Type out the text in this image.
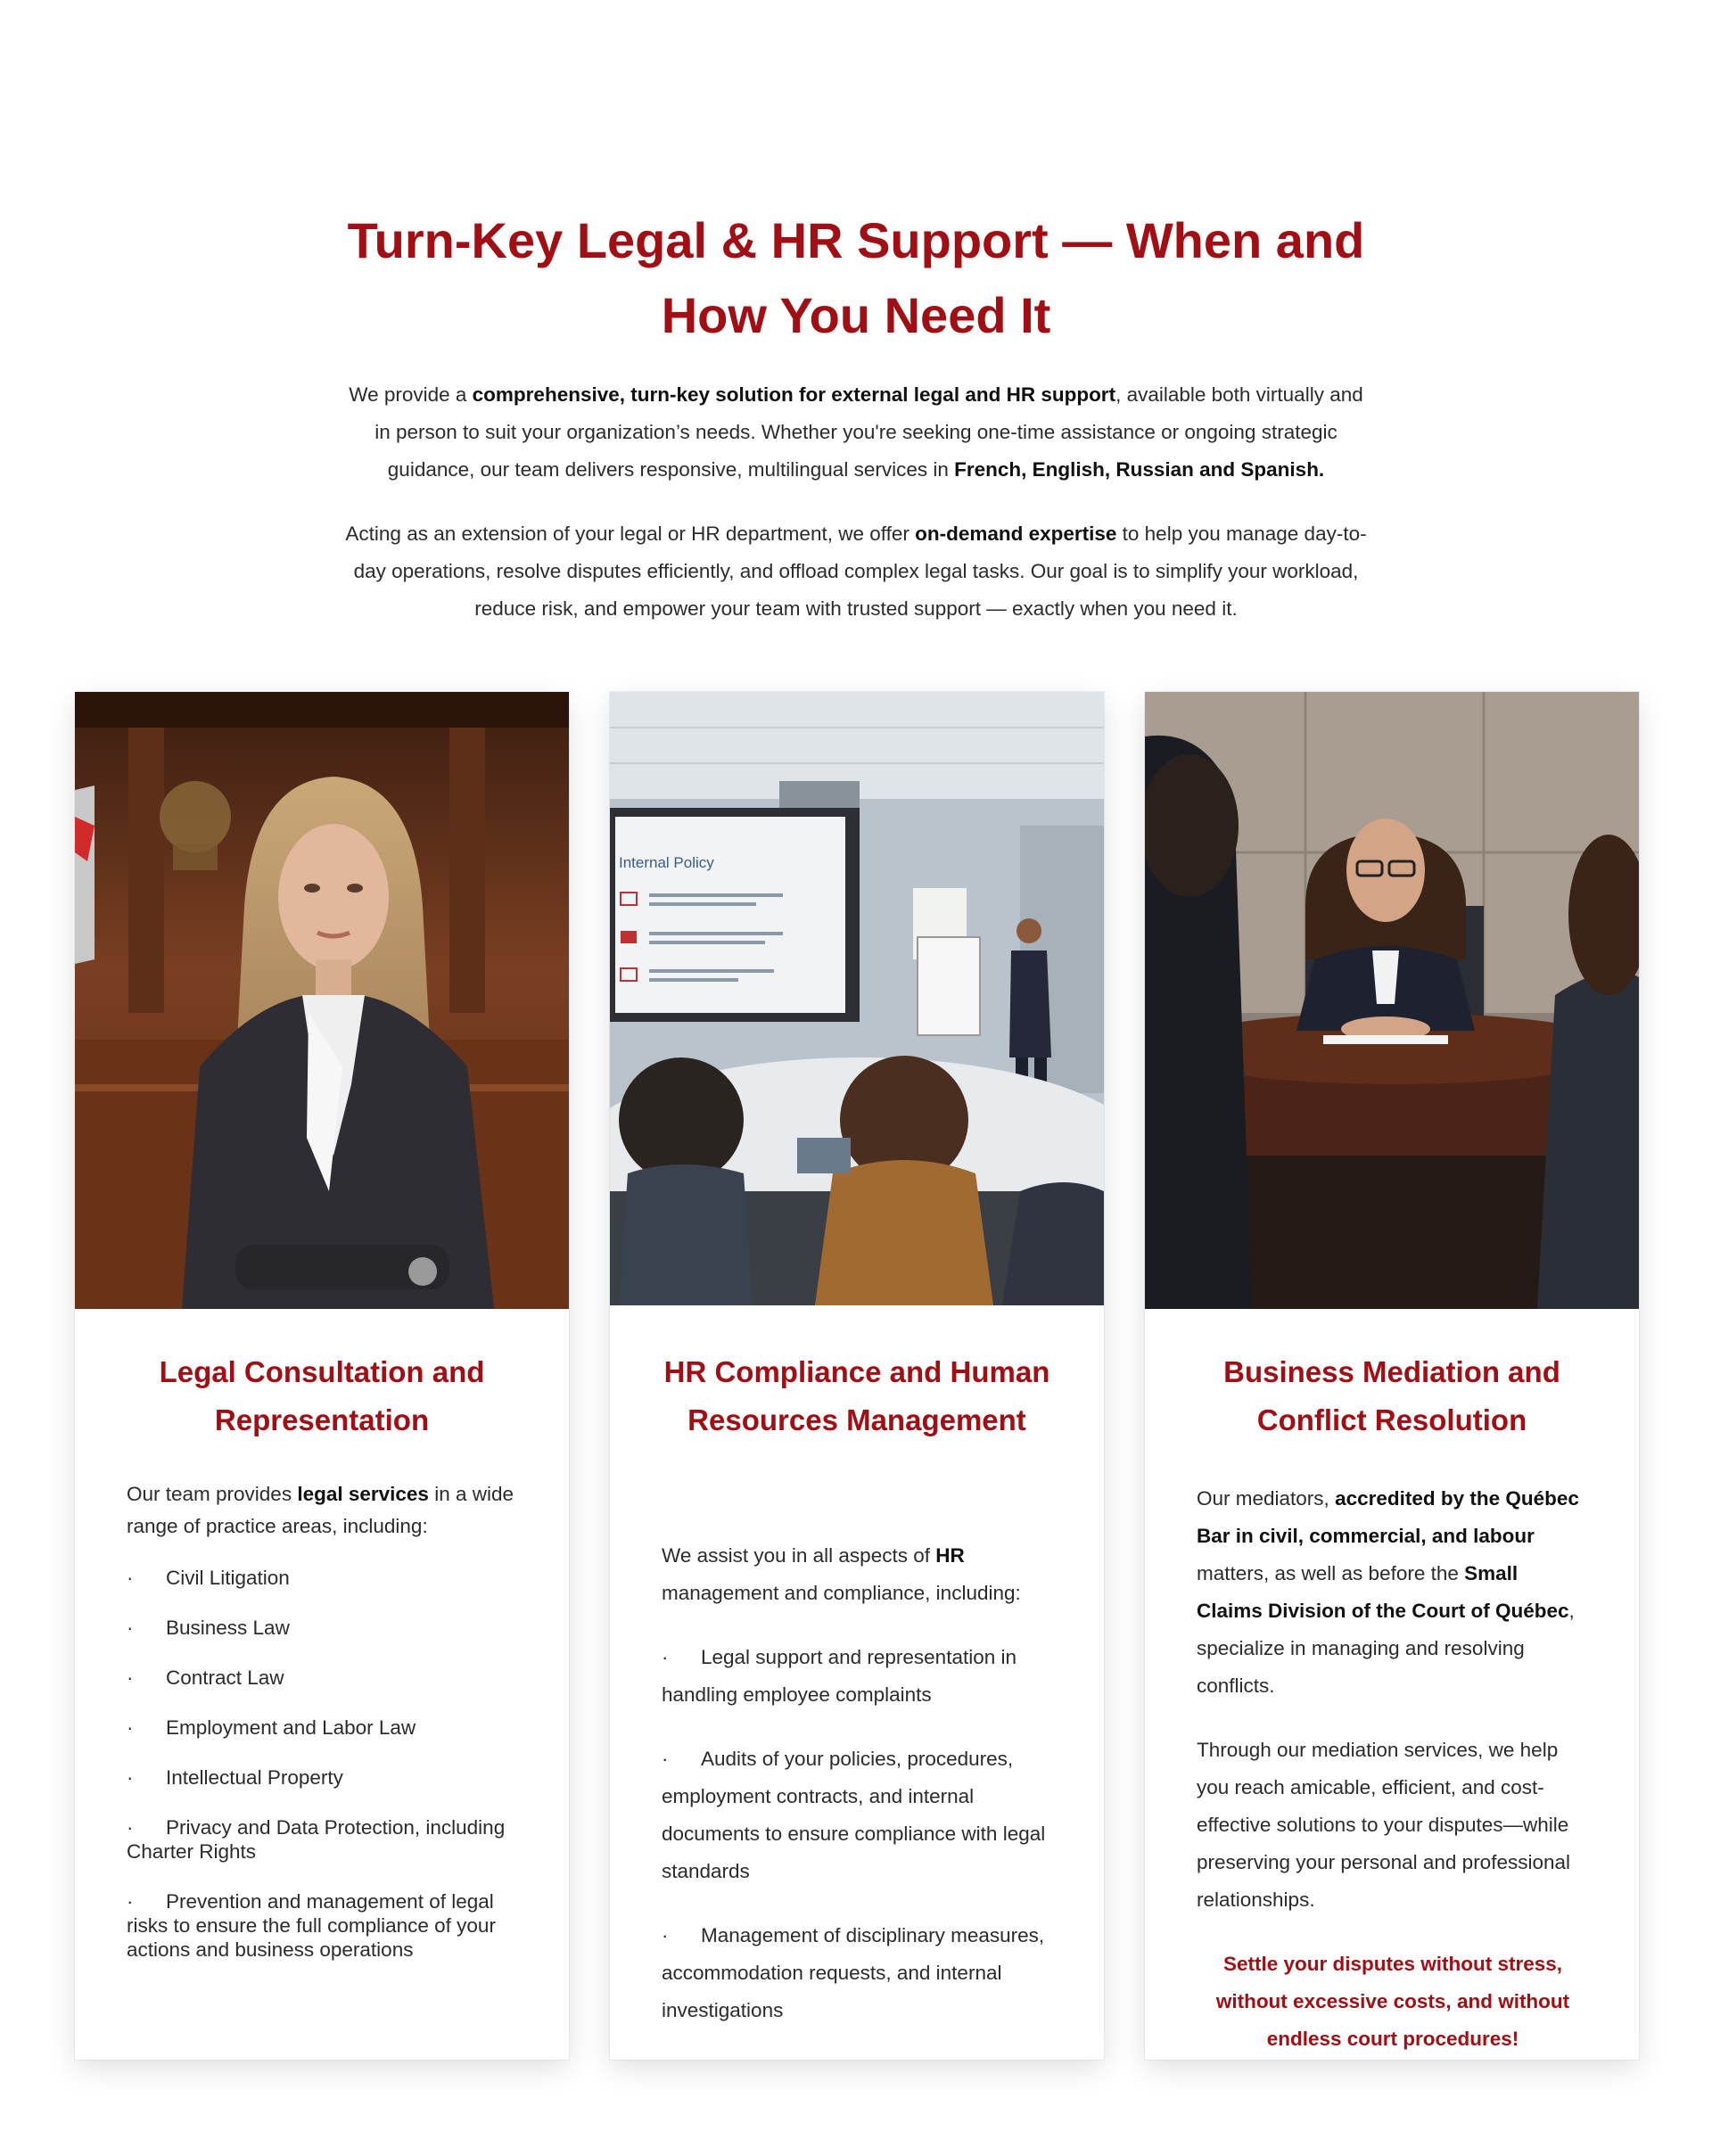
Turn-Key Legal & HR Support — When and How You Need It

We provide a comprehensive, turn-key solution for external legal and HR support, available both virtually and in person to suit your organization’s needs. Whether you're seeking one-time assistance or ongoing strategic guidance, our team delivers responsive, multilingual services in French, English, Russian and Spanish.

Acting as an extension of your legal or HR department, we offer on-demand expertise to help you manage day-to-day operations, resolve disputes efficiently, and offload complex legal tasks. Our goal is to simplify your workload, reduce risk, and empower your team with trusted support — exactly when you need it.

Legal Consultation and Representation

Our team provides legal services in a wide range of practice areas, including:

· Civil Litigation
· Business Law
· Contract Law
· Employment and Labor Law
· Intellectual Property
· Privacy and Data Protection, including Charter Rights
· Prevention and management of legal risks to ensure the full compliance of your actions and business operations
Internal Policy
HR Compliance and Human Resources Management

We assist you in all aspects of HR management and compliance, including:

· Legal support and representation in handling employee complaints
· Audits of your policies, procedures, employment contracts, and internal documents to ensure compliance with legal standards
· Management of disciplinary measures, accommodation requests, and internal investigations
Business Mediation and Conflict Resolution

Our mediators, accredited by the Québec Bar in civil, commercial, and labour matters, as well as before the Small Claims Division of the Court of Québec, specialize in managing and resolving conflicts.

Through our mediation services, we help you reach amicable, efficient, and cost-effective solutions to your disputes—while preserving your personal and professional relationships.

Settle your disputes without stress, without excessive costs, and without endless court procedures!
